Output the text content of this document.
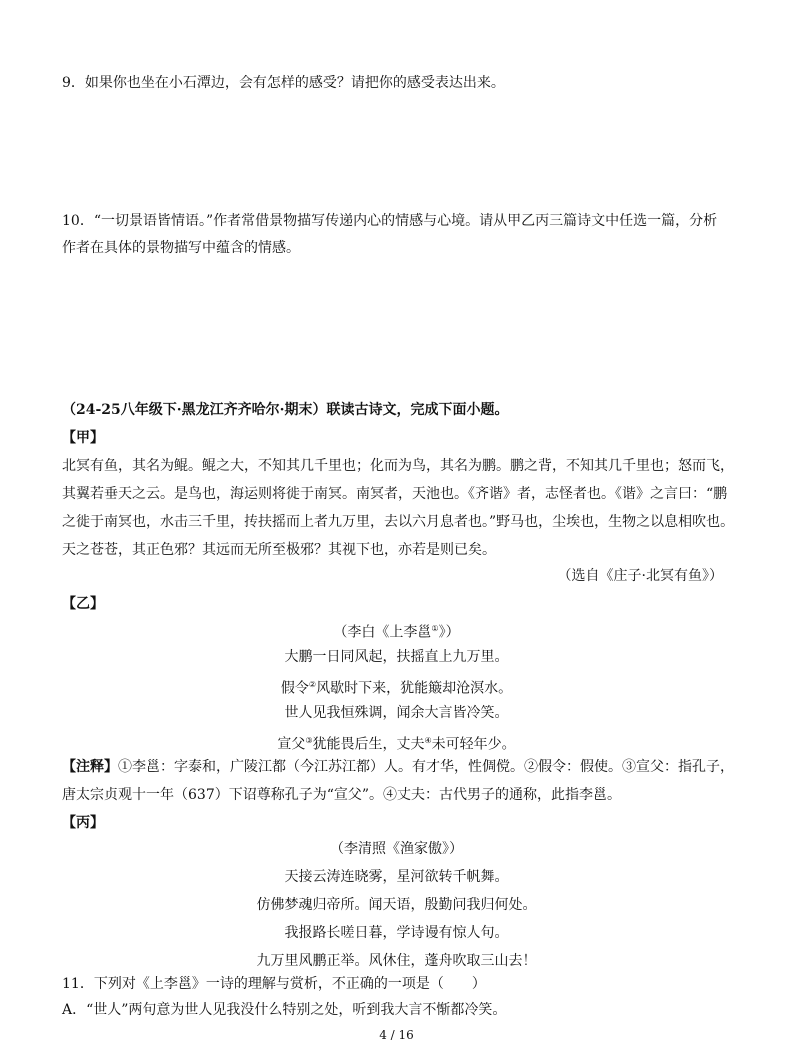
9．如果你也坐在小石潭边，会有怎样的感受？请把你的感受表达出来。
10．“一切景语皆情语。”作者常借景物描写传递内心的情感与心境。请从甲乙丙三篇诗文中任选一篇，分析
作者在具体的景物描写中蕴含的情感。
（24-25八年级下·黑龙江齐齐哈尔·期末）联读古诗文，完成下面小题。
【甲】
北冥有鱼，其名为鲲。鲲之大，不知其几千里也；化而为鸟，其名为鹏。鹏之背，不知其几千里也；怒而飞，
其翼若垂天之云。是鸟也，海运则将徙于南冥。南冥者，天池也。《齐谐》者，志怪者也。《谐》之言曰：“鹏
之徙于南冥也，水击三千里，抟扶摇而上者九万里，去以六月息者也。”野马也，尘埃也，生物之以息相吹也。
天之苍苍，其正色邪？其远而无所至极邪？其视下也，亦若是则已矣。
（选自《庄子·北冥有鱼》）
【乙】
（李白《上李邕①》）
大鹏一日同风起，扶摇直上九万里。
假令②风歇时下来，犹能簸却沧溟水。
世人见我恒殊调，闻余大言皆冷笑。
宣父③犹能畏后生，丈夫④未可轻年少。
【注释】①李邕：字泰和，广陵江都（今江苏江都）人。有才华，性倜傥。②假令：假使。③宣父：指孔子，
唐太宗贞观十一年（637）下诏尊称孔子为“宣父”。④丈夫：古代男子的通称，此指李邕。
【丙】
（李清照《渔家傲》）
天接云涛连晓雾，星河欲转千帆舞。
仿佛梦魂归帝所。闻天语，殷勤问我归何处。
我报路长嗟日暮，学诗谩有惊人句。
九万里风鹏正举。风休住，蓬舟吹取三山去！
11．下列对《上李邕》一诗的理解与赏析，不正确的一项是（　　）
A．“世人”两句意为世人见我没什么特别之处，听到我大言不惭都冷笑。
4 / 16
